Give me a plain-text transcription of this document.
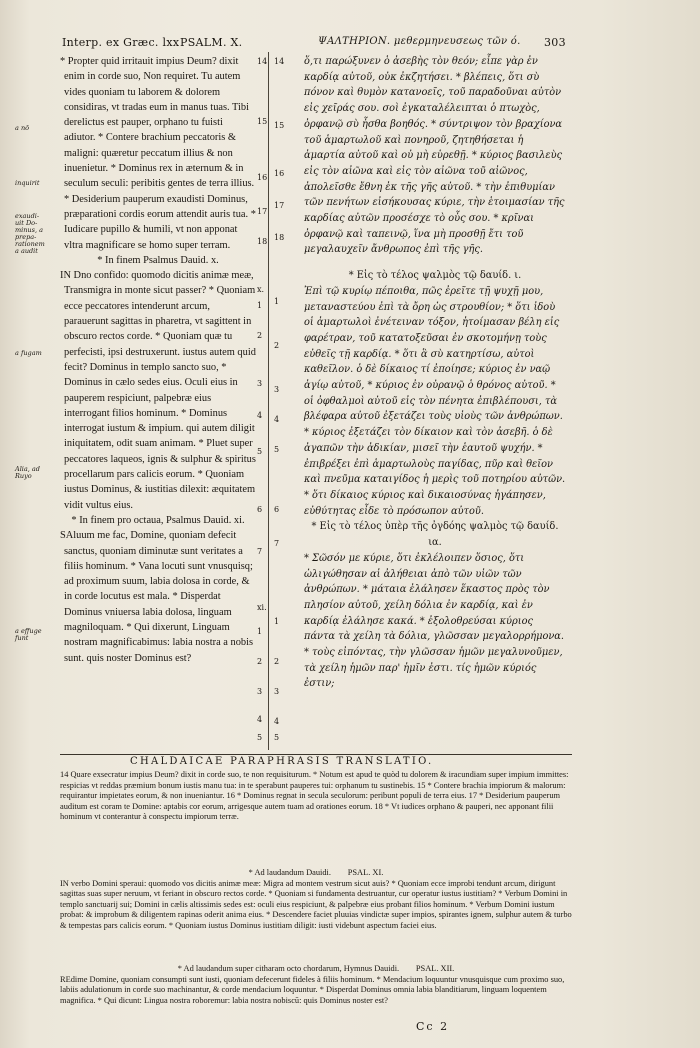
Interp. ex Græc. lxx PSALM. X.	ΨΑΛΤΗΡΙΟΝ. μεθερμηνευσεως τῶν ό. 303
a nō
inquirit
exaudi- uit Do- minus, a prepa- rationem a audit
a fugam
Alia, ad Ruyo
a effuge funt

* Propter quid irritauit impius Deum? dixit enim in corde suo, Non requiret. Tu autem vides quoniam tu laborem & dolorem considiras, vt tradas eum in manus tuas. Tibi derelictus est pauper, orphano tu fuisti adiutor. * Contere brachium peccatoris & maligni: quæretur peccatum illius & non inuenietur. * Dominus rex in æternum & in seculum seculi: peribitis gentes de terra illius. * Desiderium pauperum exaudisti Dominus, præparationi cordis eorum attendit auris tua. * Iudicare pupillo & humili, vt non apponat vltra magnificare se homo super terram.

* In finem Psalmus Dauid. x.

IN Dno confido: quomodo dicitis animæ meæ, Transmigra in monte sicut passer? * Quoniam ecce peccatores intenderunt arcum, parauerunt sagittas in pharetra, vt sagittent in obscuro rectos corde. * Quoniam quæ tu perfecisti, ipsi destruxerunt. iustus autem quid fecit? Dominus in templo sancto suo, * Dominus in cælo sedes eius. Oculi eius in pauperem respiciunt, palpebræ eius interrogant filios hominum. * Dominus interrogat iustum & impium. qui autem diligit iniquitatem, odit suam animam. * Pluet super peccatores laqueos, ignis & sulphur & spiritus procellarum pars calicis eorum. * Quoniam iustus Dominus, & iustitias dilexit: æquitatem vidit vultus eius.

* In finem pro octaua, Psalmus Dauid. xi.

SAluum me fac, Domine, quoniam defecit sanctus, quoniam diminutæ sunt veritates a filiis hominum. * Vana locuti sunt vnusquisq; ad proximum suum, labia dolosa in corde, & in corde locutus est mala. * Disperdat Dominus vniuersa labia dolosa, linguam magniloquam. * Qui dixerunt, Linguam nostram magnificabimus: labia nostra a nobis sunt. quis noster Dominus est?

14
15
16
17
18
x.
1
2
3
4
5
6
7
xi.
1
2
3
4
5
14
15
16
17
18
1
2
3
4
5
6
7
1
2
3
4
5

ὅ,τι παρώξυνεν ὁ ἀσεβὴς τὸν θεόν; εἶπε γὰρ ἐν καρδίᾳ αὐτοῦ, οὐκ ἐκζητήσει. * βλέπεις, ὅτι σὺ πόνον καὶ θυμὸν κατανοεῖς, τοῦ παραδοῦναι αὐτὸν εἰς χεῖράς σου. σοὶ ἐγκαταλέλειπται ὁ πτωχὸς, ὀρφανῷ σὺ ἦσθα βοηθός. * σύντριψον τὸν βραχίονα τοῦ ἁμαρτωλοῦ καὶ πονηροῦ, ζητηθήσεται ἡ ἁμαρτία αὐτοῦ καὶ οὐ μὴ εὑρεθῇ. * κύριος βασιλεὺς εἰς τὸν αἰῶνα καὶ εἰς τὸν αἰῶνα τοῦ αἰῶνος, ἀπολεῖσθε ἔθνη ἐκ τῆς γῆς αὐτοῦ. * τὴν ἐπιθυμίαν τῶν πενήτων εἰσήκουσας κύριε, τὴν ἑτοιμασίαν τῆς καρδίας αὐτῶν προσέσχε τὸ οὖς σου. * κρῖναι ὀρφανῷ καὶ ταπεινῷ, ἵνα μὴ προσθῇ ἔτι τοῦ μεγαλαυχεῖν ἄνθρωπος ἐπὶ τῆς γῆς.

* Εἰς τὸ τέλος ψαλμὸς τῷ δαυίδ. ι.

Ἐπὶ τῷ κυρίῳ πέποιθα, πῶς ἐρεῖτε τῇ ψυχῇ μου, μεταναστεύου ἐπὶ τὰ ὄρη ὡς στρουθίον; * ὅτι ἰδοὺ οἱ ἁμαρτωλοὶ ἐνέτειναν τόξον, ἡτοίμασαν βέλη εἰς φαρέτραν, τοῦ κατατοξεῦσαι ἐν σκοτομήνῃ τοὺς εὐθεῖς τῇ καρδίᾳ. * ὅτι ἃ σὺ κατηρτίσω, αὐτοὶ καθεῖλον. ὁ δὲ δίκαιος τί ἐποίησε; κύριος ἐν ναῷ ἁγίῳ αὐτοῦ, * κύριος ἐν οὐρανῷ ὁ θρόνος αὐτοῦ. * οἱ ὀφθαλμοὶ αὐτοῦ εἰς τὸν πένητα ἐπιβλέπουσι, τὰ βλέφαρα αὐτοῦ ἐξετάζει τοὺς υἱοὺς τῶν ἀνθρώπων. * κύριος ἐξετάζει τὸν δίκαιον καὶ τὸν ἀσεβῆ. ὁ δὲ ἀγαπῶν τὴν ἀδικίαν, μισεῖ τὴν ἑαυτοῦ ψυχήν. * ἐπιβρέξει ἐπὶ ἁμαρτωλοὺς παγίδας, πῦρ καὶ θεῖον καὶ πνεῦμα καταιγίδος ἡ μερὶς τοῦ ποτηρίου αὐτῶν. * ὅτι δίκαιος κύριος καὶ δικαιοσύνας ἠγάπησεν, εὐθύτητας εἶδε τὸ πρόσωπον αὐτοῦ.

* Εἰς τὸ τέλος ὑπὲρ τῆς ὀγδόης ψαλμὸς τῷ δαυίδ. ια.

* Σῶσόν με κύριε, ὅτι ἐκλέλοιπεν ὅσιος, ὅτι ὠλιγώθησαν αἱ ἀλήθειαι ἀπὸ τῶν υἱῶν τῶν ἀνθρώπων. * μάταια ἐλάλησεν ἕκαστος πρὸς τὸν πλησίον αὐτοῦ, χείλη δόλια ἐν καρδίᾳ, καὶ ἐν καρδίᾳ ἐλάλησε κακά. * ἐξολοθρεύσαι κύριος πάντα τὰ χείλη τὰ δόλια, γλῶσσαν μεγαλορρήμονα. * τοὺς εἰπόντας, τὴν γλῶσσαν ἡμῶν μεγαλυνοῦμεν, τὰ χείλη ἡμῶν παρ' ἡμῖν ἐστι. τίς ἡμῶν κύριός ἐστιν;

CHALDAICAE PARAPHRASIS TRANSLATIO.

14 Quare exsecratur impius Deum? dixit in corde suo, te non requisiturum. * Notum est apud te quòd tu dolorem & iracundiam super impium immittes: respicias vt reddas præmium bonum iustis manu tua: in te sperabunt pauperes tui: orphanum tu sustinebis. 15 * Contere brachia impiorum & malorum: requirantur impietates eorum, & non inueniantur. 16 * Dominus regnat in secula seculorum: peribunt populi de terra eius. 17 * Desiderium pauperum auditum est coram te Domine: aptabis cor eorum, arrigesque autem tuam ad orationes eorum. 18 * Vt iudices orphano & pauperi, nec apponant filii hominum vt conterantur à conspectu impiorum terræ.

* Ad laudandum Dauidi. PSAL. XI.

IN verbo Domini speraui: quomodo vos dicitis animæ meæ: Migra ad montem vestrum sicut auis? * Quoniam ecce improbi tendunt arcum, dirigunt sagittas suas super neruum, vt feriant in obscuro rectos corde. * Quoniam si fundamenta destruantur, cur operatur iustus iustitiam? * Verbum Domini in templo sanctuarij sui; Domini in cælis altissimis sedes est: oculi eius respiciunt, & palpebræ eius probant filios hominum. * Verbum Domini iustum probat: & improbum & diligentem rapinas oderit anima eius. * Descendere faciet pluuias vindictæ super impios, spirantes ignem, sulphur autem & turbo & tempestas pars calicis eorum. * Quoniam iustus Dominus iustitiam diligit: iusti videbunt aspectum faciei eius.

* Ad laudandum super citharam octo chordarum, Hymnus Dauidi. PSAL. XII.

REdime Domine, quoniam consumpti sunt iusti, quoniam defecerunt fideles à filiis hominum. * Mendacium loquuntur vnusquisque cum proximo suo, labiis adulationum in corde suo machinantur, & corde mendacium loquuntur. * Disperdat Dominus omnia labia blanditiarum, linguam loquentem magnifica. * Qui dicunt: Lingua nostra roboremur: labia nostra nobiscū: quis Dominus noster est?

Cc 2
